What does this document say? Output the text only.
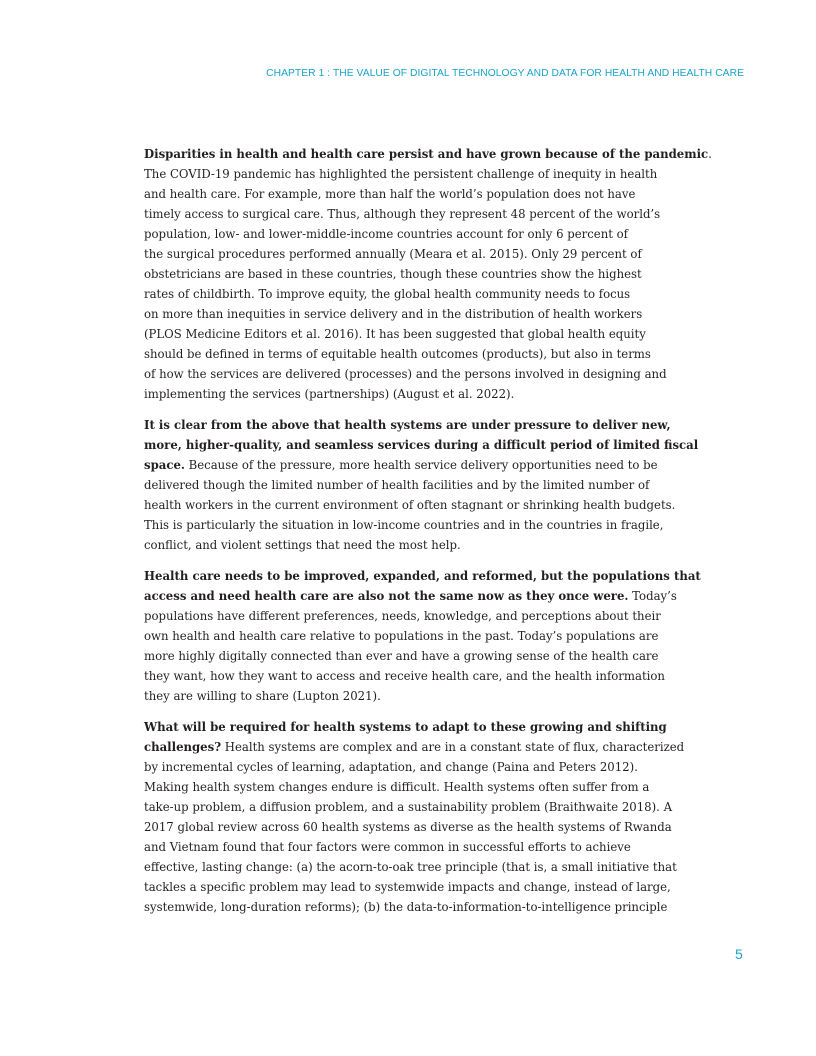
CHAPTER 1 : THE VALUE OF DIGITAL TECHNOLOGY AND DATA FOR HEALTH AND HEALTH CARE

Disparities in health and health care persist and have grown because of the pandemic.
The COVID-19 pandemic has highlighted the persistent challenge of inequity in health
and health care. For example, more than half the world’s population does not have
timely access to surgical care. Thus, although they represent 48 percent of the world’s
population, low- and lower-middle-income countries account for only 6 percent of
the surgical procedures performed annually (Meara et al. 2015). Only 29 percent of
obstetricians are based in these countries, though these countries show the highest
rates of childbirth. To improve equity, the global health community needs to focus
on more than inequities in service delivery and in the distribution of health workers
(PLOS Medicine Editors et al. 2016). It has been suggested that global health equity
should be defined in terms of equitable health outcomes (products), but also in terms
of how the services are delivered (processes) and the persons involved in designing and
implementing the services (partnerships) (August et al. 2022).

It is clear from the above that health systems are under pressure to deliver new,
more, higher-quality, and seamless services during a difficult period of limited fiscal
space. Because of the pressure, more health service delivery opportunities need to be
delivered though the limited number of health facilities and by the limited number of
health workers in the current environment of often stagnant or shrinking health budgets.
This is particularly the situation in low-income countries and in the countries in fragile,
conflict, and violent settings that need the most help.

Health care needs to be improved, expanded, and reformed, but the populations that
access and need health care are also not the same now as they once were. Today’s
populations have different preferences, needs, knowledge, and perceptions about their
own health and health care relative to populations in the past. Today’s populations are
more highly digitally connected than ever and have a growing sense of the health care
they want, how they want to access and receive health care, and the health information
they are willing to share (Lupton 2021).

What will be required for health systems to adapt to these growing and shifting
challenges? Health systems are complex and are in a constant state of flux, characterized
by incremental cycles of learning, adaptation, and change (Paina and Peters 2012).
Making health system changes endure is difficult. Health systems often suffer from a
take-up problem, a diffusion problem, and a sustainability problem (Braithwaite 2018). A
2017 global review across 60 health systems as diverse as the health systems of Rwanda
and Vietnam found that four factors were common in successful efforts to achieve
effective, lasting change: (a) the acorn-to-oak tree principle (that is, a small initiative that
tackles a specific problem may lead to systemwide impacts and change, instead of large,
systemwide, long-duration reforms); (b) the data-to-information-to-intelligence principle

5
